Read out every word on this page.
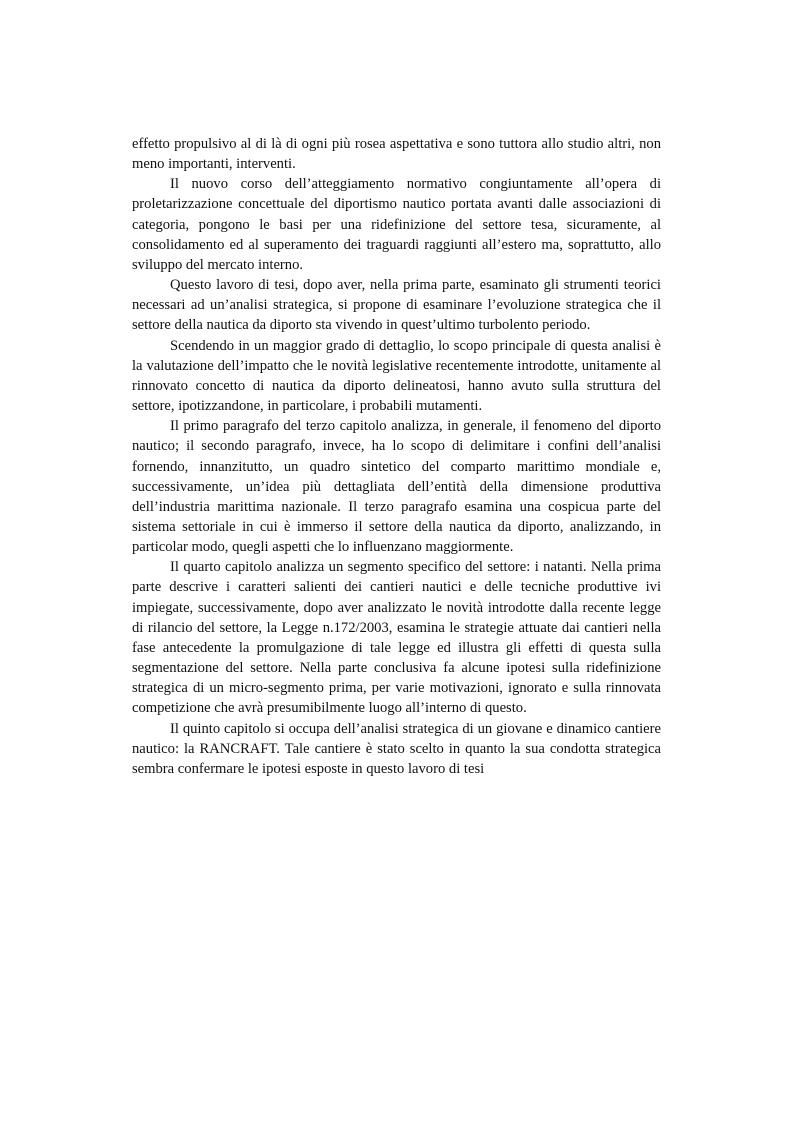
effetto propulsivo al di là di ogni più rosea aspettativa e sono tuttora allo studio altri, non meno importanti, interventi.

Il nuovo corso dell’atteggiamento normativo congiuntamente all’opera di proletarizzazione concettuale del diportismo nautico portata avanti dalle associazioni di categoria, pongono le basi per una ridefinizione del settore tesa, sicuramente, al consolidamento ed al superamento dei traguardi raggiunti all’estero ma, soprattutto, allo sviluppo del mercato interno.

Questo lavoro di tesi, dopo aver, nella prima parte, esaminato gli strumenti teorici necessari ad un’analisi strategica, si propone di esaminare l’evoluzione strategica che il settore della nautica da diporto sta vivendo in quest’ultimo turbolento periodo.

Scendendo in un maggior grado di dettaglio, lo scopo principale di questa analisi è la valutazione dell’impatto che le novità legislative recentemente introdotte, unitamente al rinnovato concetto di nautica da diporto delineatosi, hanno avuto sulla struttura del settore, ipotizzandone, in particolare, i probabili mutamenti.

Il primo paragrafo del terzo capitolo analizza, in generale, il fenomeno del diporto nautico; il secondo paragrafo, invece, ha lo scopo di delimitare i confini dell’analisi fornendo, innanzitutto, un quadro sintetico del comparto marittimo mondiale e, successivamente, un’idea più dettagliata dell’entità della dimensione produttiva dell’industria marittima nazionale. Il terzo paragrafo esamina una cospicua parte del sistema settoriale in cui è immerso il settore della nautica da diporto, analizzando, in particolar modo, quegli aspetti che lo influenzano maggiormente.

Il quarto capitolo analizza un segmento specifico del settore: i natanti. Nella prima parte descrive i caratteri salienti dei cantieri nautici e delle tecniche produttive ivi impiegate, successivamente, dopo aver analizzato le novità introdotte dalla recente legge di rilancio del settore, la Legge n.172/2003, esamina le strategie attuate dai cantieri nella fase antecedente la promulgazione di tale legge ed illustra gli effetti di questa sulla segmentazione del settore. Nella parte conclusiva fa alcune ipotesi sulla ridefinizione strategica di un micro-segmento prima, per varie motivazioni, ignorato e sulla rinnovata competizione che avrà presumibilmente luogo all’interno di questo.

Il quinto capitolo si occupa dell’analisi strategica di un giovane e dinamico cantiere nautico: la RANCRAFT. Tale cantiere è stato scelto in quanto la sua condotta strategica sembra confermare le ipotesi esposte in questo lavoro di tesi
